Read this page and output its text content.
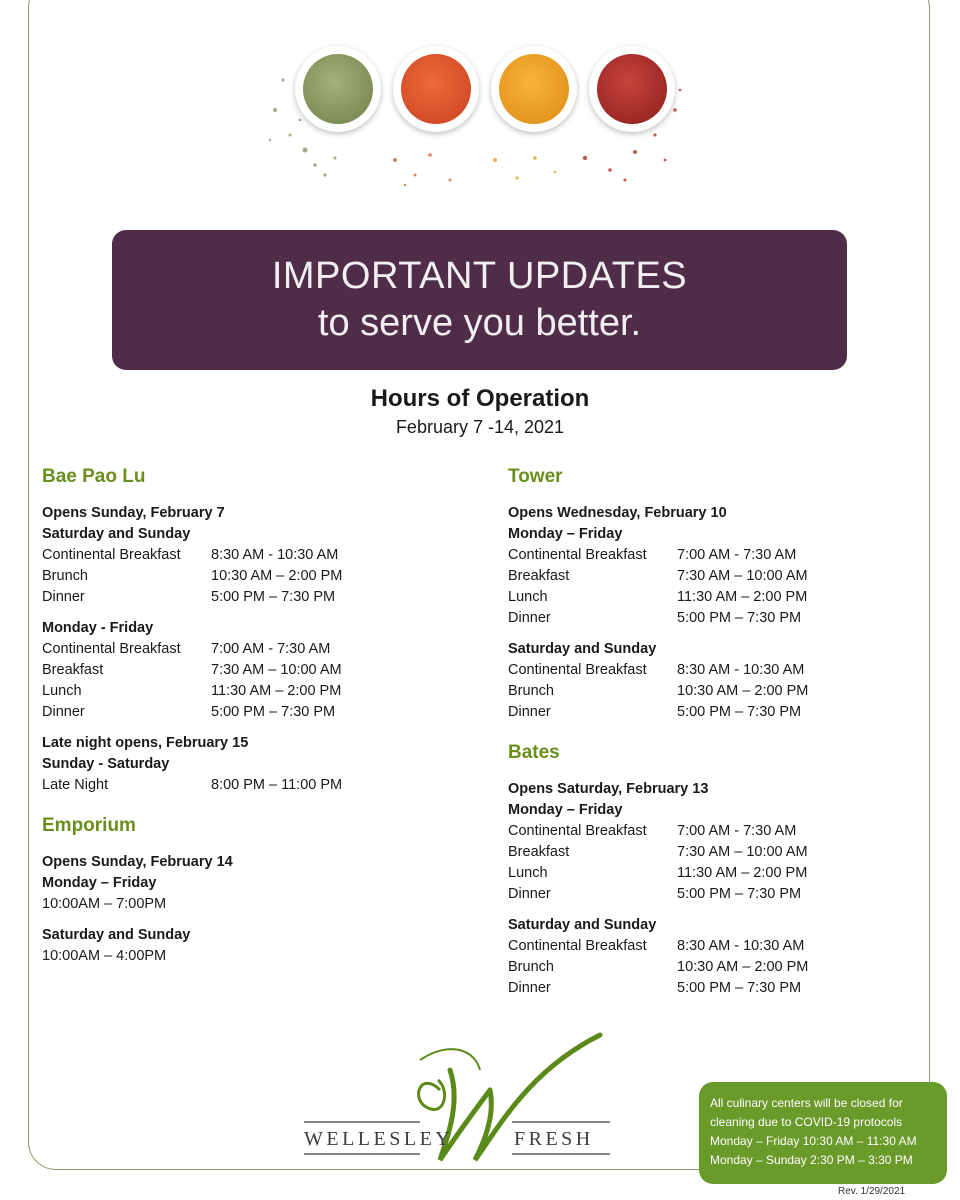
IMPORTANT UPDATES
to serve you better.
Hours of Operation
February 7 -14, 2021
Bae Pao Lu
Opens Sunday, February 7
Saturday and Sunday
Continental Breakfast	8:30 AM - 10:30 AM
Brunch	10:30 AM – 2:00 PM
Dinner	5:00 PM – 7:30 PM
Monday - Friday
Continental Breakfast	7:00 AM - 7:30 AM
Breakfast	7:30 AM – 10:00 AM
Lunch	11:30 AM – 2:00 PM
Dinner	5:00 PM – 7:30 PM
Late night opens, February 15
Sunday - Saturday
Late Night	8:00 PM – 11:00 PM
Emporium
Opens Sunday, February 14
Monday – Friday
10:00AM – 7:00PM
Saturday and Sunday
10:00AM – 4:00PM
Tower
Opens Wednesday, February 10
Monday – Friday
Continental Breakfast	7:00 AM - 7:30 AM
Breakfast	7:30 AM – 10:00 AM
Lunch	11:30 AM – 2:00 PM
Dinner	5:00 PM – 7:30 PM
Saturday and Sunday
Continental Breakfast	8:30 AM - 10:30 AM
Brunch	10:30 AM – 2:00 PM
Dinner	5:00 PM – 7:30 PM
Bates
Opens Saturday, February 13
Monday – Friday
Continental Breakfast	7:00 AM - 7:30 AM
Breakfast	7:30 AM – 10:00 AM
Lunch	11:30 AM – 2:00 PM
Dinner	5:00 PM – 7:30 PM
Saturday and Sunday
Continental Breakfast	8:30 AM - 10:30 AM
Brunch	10:30 AM – 2:00 PM
Dinner	5:00 PM – 7:30 PM
WELLESLEY	FRESH
All culinary centers will be closed for
cleaning due to COVID-19 protocols
Monday – Friday 10:30 AM – 11:30 AM
Monday – Sunday 2:30 PM – 3:30 PM
Rev. 1/29/2021
